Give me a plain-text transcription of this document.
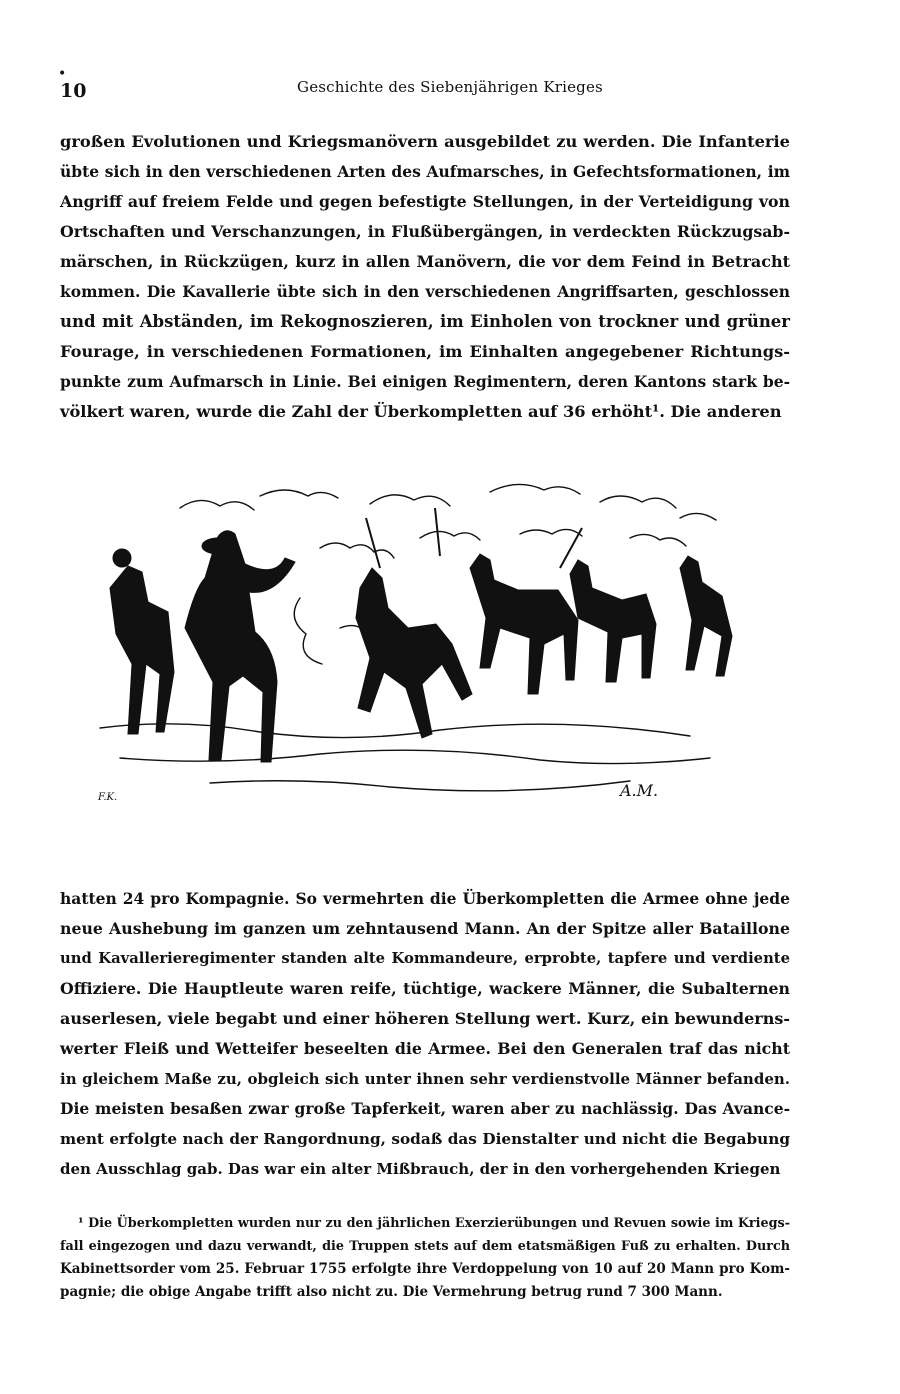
•
10	Geschichte des Siebenjährigen Krieges
großen Evolutionen und Kriegsmanövern ausgebildet zu werden. Die Infanterie
übte sich in den verschiedenen Arten des Aufmarsches, in Gefechtsformationen, im
Angriff auf freiem Felde und gegen befestigte Stellungen, in der Verteidigung von
Ortschaften und Verschanzungen, in Flußübergängen, in verdeckten Rückzugsab-
märschen, in Rückzügen, kurz in allen Manövern, die vor dem Feind in Betracht
kommen. Die Kavallerie übte sich in den verschiedenen Angriffsarten, geschlossen
und mit Abständen, im Rekognoszieren, im Einholen von trockner und grüner
Fourage, in verschiedenen Formationen, im Einhalten angegebener Richtungs-
punkte zum Aufmarsch in Linie. Bei einigen Regimentern, deren Kantons stark be-
völkert waren, wurde die Zahl der Überkompletten auf 36 erhöht¹. Die anderen
F.K.	A.M.
hatten 24 pro Kompagnie. So vermehrten die Überkompletten die Armee ohne jede
neue Aushebung im ganzen um zehntausend Mann. An der Spitze aller Bataillone
und Kavallerieregimenter standen alte Kommandeure, erprobte, tapfere und verdiente
Offiziere. Die Hauptleute waren reife, tüchtige, wackere Männer, die Subalternen
auserlesen, viele begabt und einer höheren Stellung wert. Kurz, ein bewunderns-
werter Fleiß und Wetteifer beseelten die Armee. Bei den Generalen traf das nicht
in gleichem Maße zu, obgleich sich unter ihnen sehr verdienstvolle Männer befanden.
Die meisten besaßen zwar große Tapferkeit, waren aber zu nachlässig. Das Avance-
ment erfolgte nach der Rangordnung, sodaß das Dienstalter und nicht die Begabung
den Ausschlag gab. Das war ein alter Mißbrauch, der in den vorhergehenden Kriegen
¹ Die Überkompletten wurden nur zu den jährlichen Exerzierübungen und Revuen sowie im Kriegs-
fall eingezogen und dazu verwandt, die Truppen stets auf dem etatsmäßigen Fuß zu erhalten. Durch
Kabinettsorder vom 25. Februar 1755 erfolgte ihre Verdoppelung von 10 auf 20 Mann pro Kom-
pagnie; die obige Angabe trifft also nicht zu. Die Vermehrung betrug rund 7 300 Mann.
